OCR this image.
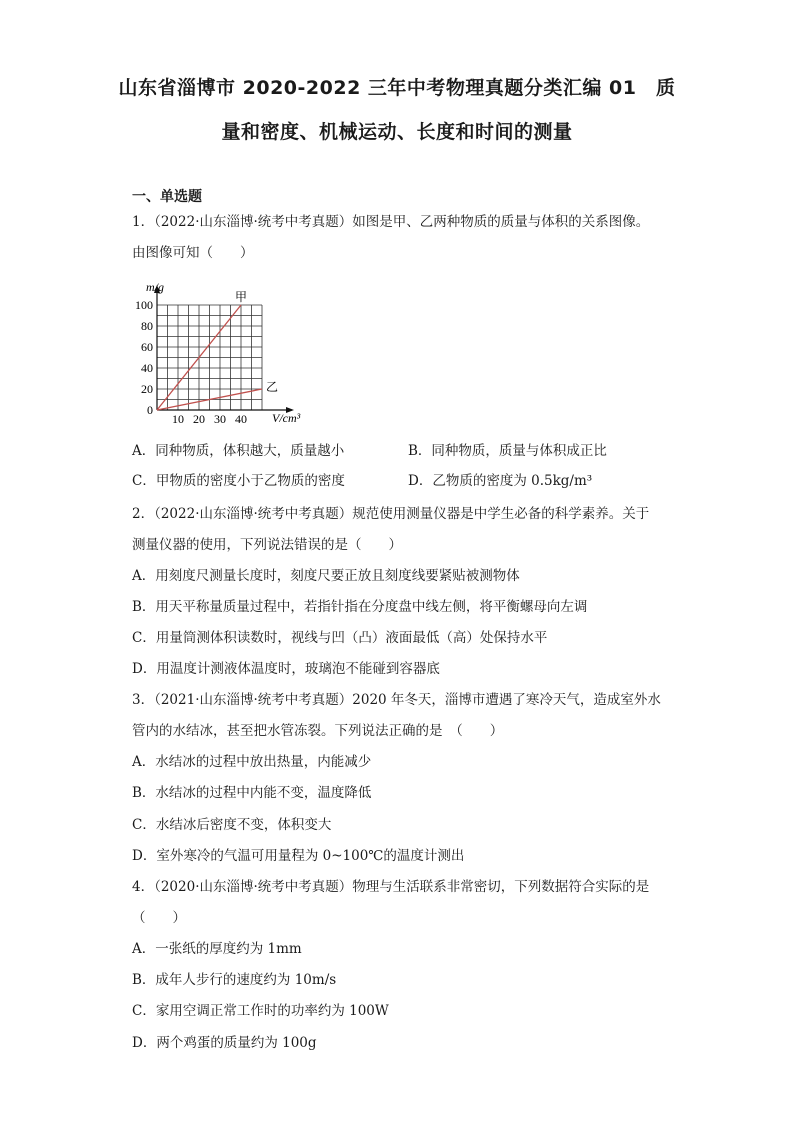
山东省淄博市 2020-2022 三年中考物理真题分类汇编 01　质
量和密度、机械运动、长度和时间的测量
一、单选题
1．（2022·山东淄博·统考中考真题）如图是甲、乙两种物质的质量与体积的关系图像。
由图像可知（　　）
m/g
V/cm³
0
100
80
60
40
20
10 20 30 40
甲
乙
A．同种物质，体积越大，质量越小	B．同种物质，质量与体积成正比
C．甲物质的密度小于乙物质的密度	D．乙物质的密度为 0.5kg/m³
2．（2022·山东淄博·统考中考真题）规范使用测量仪器是中学生必备的科学素养。关于
测量仪器的使用，下列说法错误的是（　　）
A．用刻度尺测量长度时，刻度尺要正放且刻度线要紧贴被测物体
B．用天平称量质量过程中，若指针指在分度盘中线左侧，将平衡螺母向左调
C．用量筒测体积读数时，视线与凹（凸）液面最低（高）处保持水平
D．用温度计测液体温度时，玻璃泡不能碰到容器底
3．（2021·山东淄博·统考中考真题）2020 年冬天，淄博市遭遇了寒冷天气，造成室外水
管内的水结冰，甚至把水管冻裂。下列说法正确的是　（　　）
A．水结冰的过程中放出热量，内能减少
B．水结冰的过程中内能不变，温度降低
C．水结冰后密度不变，体积变大
D．室外寒冷的气温可用量程为 0~100℃的温度计测出
4．（2020·山东淄博·统考中考真题）物理与生活联系非常密切，下列数据符合实际的是
（　　）
A．一张纸的厚度约为 1mm
B．成年人步行的速度约为 10m/s
C．家用空调正常工作时的功率约为 100W
D．两个鸡蛋的质量约为 100g
